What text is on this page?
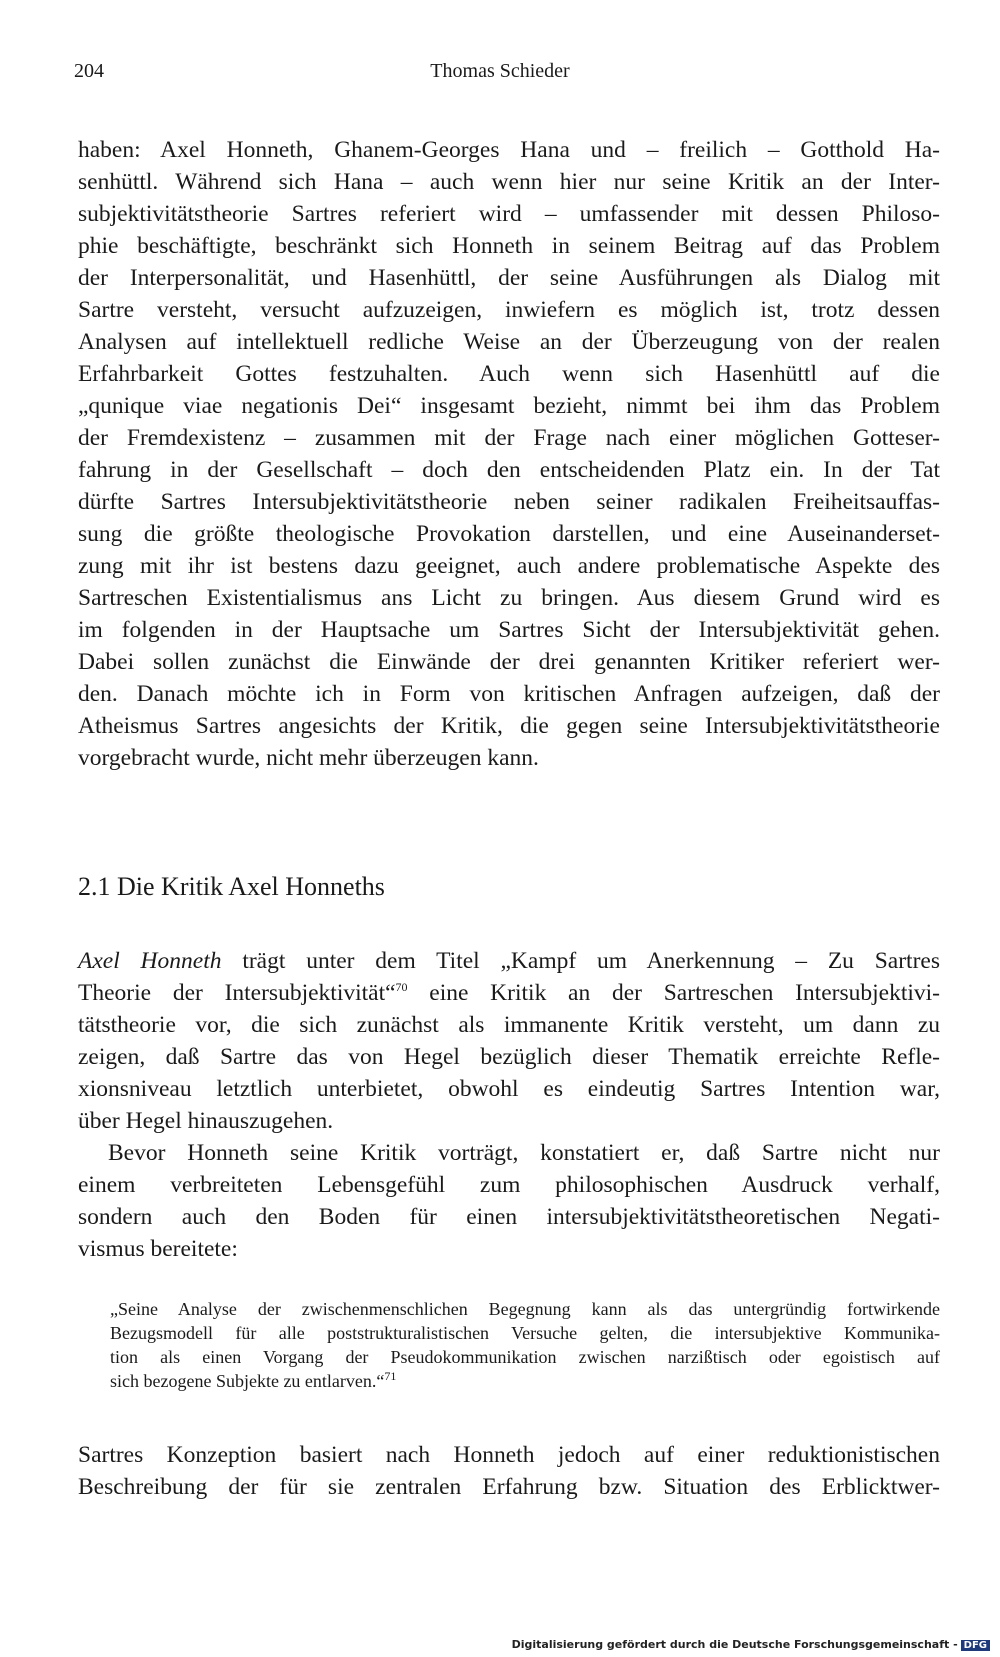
204	Thomas Schieder
haben: Axel Honneth, Ghanem-Georges Hana und – freilich – Gotthold Ha-
senhüttl. Während sich Hana – auch wenn hier nur seine Kritik an der Inter-
subjektivitätstheorie Sartres referiert wird – umfassender mit dessen Philoso-
phie beschäftigte, beschränkt sich Honneth in seinem Beitrag auf das Problem
der Interpersonalität, und Hasenhüttl, der seine Ausführungen als Dialog mit
Sartre versteht, versucht aufzuzeigen, inwiefern es möglich ist, trotz dessen
Analysen auf intellektuell redliche Weise an der Überzeugung von der realen
Erfahrbarkeit Gottes festzuhalten. Auch wenn sich Hasenhüttl auf die
„qunique viae negationis Dei“ insgesamt bezieht, nimmt bei ihm das Problem
der Fremdexistenz – zusammen mit der Frage nach einer möglichen Gotteser-
fahrung in der Gesellschaft – doch den entscheidenden Platz ein. In der Tat
dürfte Sartres Intersubjektivitätstheorie neben seiner radikalen Freiheitsauffas-
sung die größte theologische Provokation darstellen, und eine Auseinanderset-
zung mit ihr ist bestens dazu geeignet, auch andere problematische Aspekte des
Sartreschen Existentialismus ans Licht zu bringen. Aus diesem Grund wird es
im folgenden in der Hauptsache um Sartres Sicht der Intersubjektivität gehen.
Dabei sollen zunächst die Einwände der drei genannten Kritiker referiert wer-
den. Danach möchte ich in Form von kritischen Anfragen aufzeigen, daß der
Atheismus Sartres angesichts der Kritik, die gegen seine Intersubjektivitätstheorie
vorgebracht wurde, nicht mehr überzeugen kann.
2.1 Die Kritik Axel Honneths
Axel Honneth trägt unter dem Titel „Kampf um Anerkennung – Zu Sartres
Theorie der Intersubjektivität“$^{70}$ eine Kritik an der Sartreschen Intersubjektivi-
tätstheorie vor, die sich zunächst als immanente Kritik versteht, um dann zu
zeigen, daß Sartre das von Hegel bezüglich dieser Thematik erreichte Refle-
xionsniveau letztlich unterbietet, obwohl es eindeutig Sartres Intention war,
über Hegel hinauszugehen.
Bevor Honneth seine Kritik vorträgt, konstatiert er, daß Sartre nicht nur
einem verbreiteten Lebensgefühl zum philosophischen Ausdruck verhalf,
sondern auch den Boden für einen intersubjektivitätstheoretischen Negati-
vismus bereitete:
„Seine Analyse der zwischenmenschlichen Begegnung kann als das untergründig fortwirkende
Bezugsmodell für alle poststrukturalistischen Versuche gelten, die intersubjektive Kommunika-
tion als einen Vorgang der Pseudokommunikation zwischen narzißtisch oder egoistisch auf
sich bezogene Subjekte zu entlarven.“$^{71}$
Sartres Konzeption basiert nach Honneth jedoch auf einer reduktionistischen
Beschreibung der für sie zentralen Erfahrung bzw. Situation des Erblicktwer-
Digitalisierung gefördert durch die Deutsche Forschungsgemeinschaft - DFG
